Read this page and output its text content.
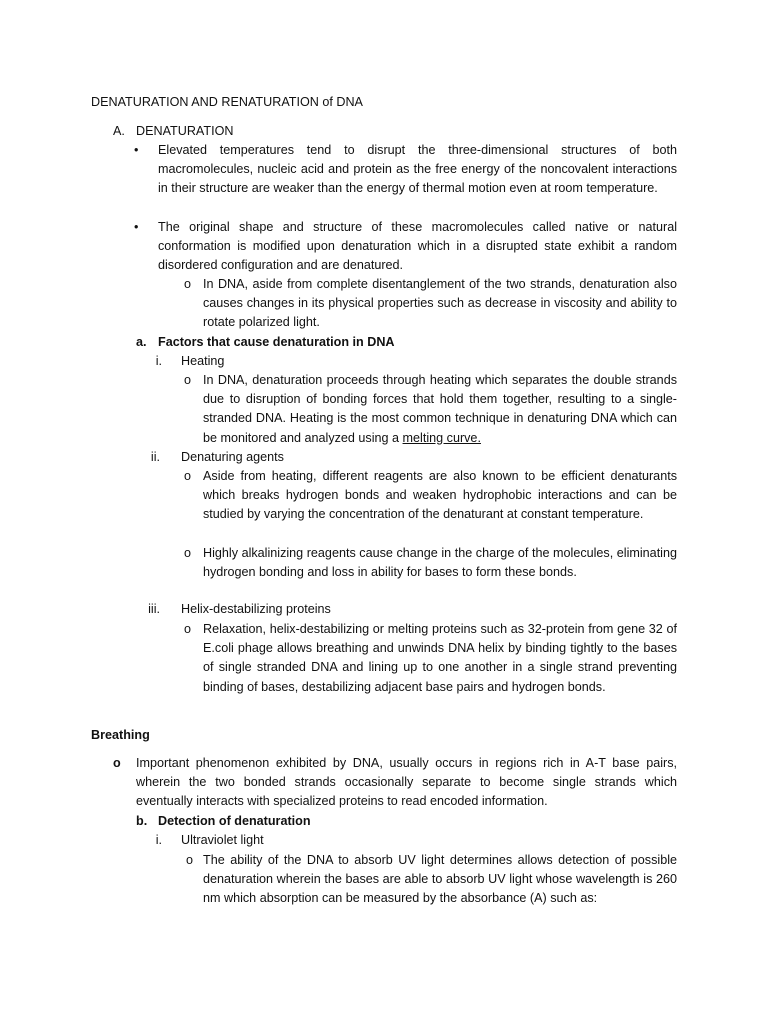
DENATURATION AND RENATURATION of DNA
A. DENATURATION
• Elevated temperatures tend to disrupt the three-dimensional structures of both macromolecules, nucleic acid and protein as the free energy of the noncovalent interactions in their structure are weaker than the energy of thermal motion even at room temperature.
• The original shape and structure of these macromolecules called native or natural conformation is modified upon denaturation which in a disrupted state exhibit a random disordered configuration and are denatured.
o In DNA, aside from complete disentanglement of the two strands, denaturation also causes changes in its physical properties such as decrease in viscosity and ability to rotate polarized light.
a. Factors that cause denaturation in DNA
i. Heating
o In DNA, denaturation proceeds through heating which separates the double strands due to disruption of bonding forces that hold them together, resulting to a single-stranded DNA. Heating is the most common technique in denaturing DNA which can be monitored and analyzed using a melting curve.
ii. Denaturing agents
o Aside from heating, different reagents are also known to be efficient denaturants which breaks hydrogen bonds and weaken hydrophobic interactions and can be studied by varying the concentration of the denaturant at constant temperature.
o Highly alkalinizing reagents cause change in the charge of the molecules, eliminating hydrogen bonding and loss in ability for bases to form these bonds.
iii. Helix-destabilizing proteins
o Relaxation, helix-destabilizing or melting proteins such as 32-protein from gene 32 of E.coli phage allows breathing and unwinds DNA helix by binding tightly to the bases of single stranded DNA and lining up to one another in a single strand preventing binding of bases, destabilizing adjacent base pairs and hydrogen bonds.
Breathing
o Important phenomenon exhibited by DNA, usually occurs in regions rich in A-T base pairs, wherein the two bonded strands occasionally separate to become single strands which eventually interacts with specialized proteins to read encoded information.
b. Detection of denaturation
i. Ultraviolet light
o The ability of the DNA to absorb UV light determines allows detection of possible denaturation wherein the bases are able to absorb UV light whose wavelength is 260 nm which absorption can be measured by the absorbance (A) such as:
